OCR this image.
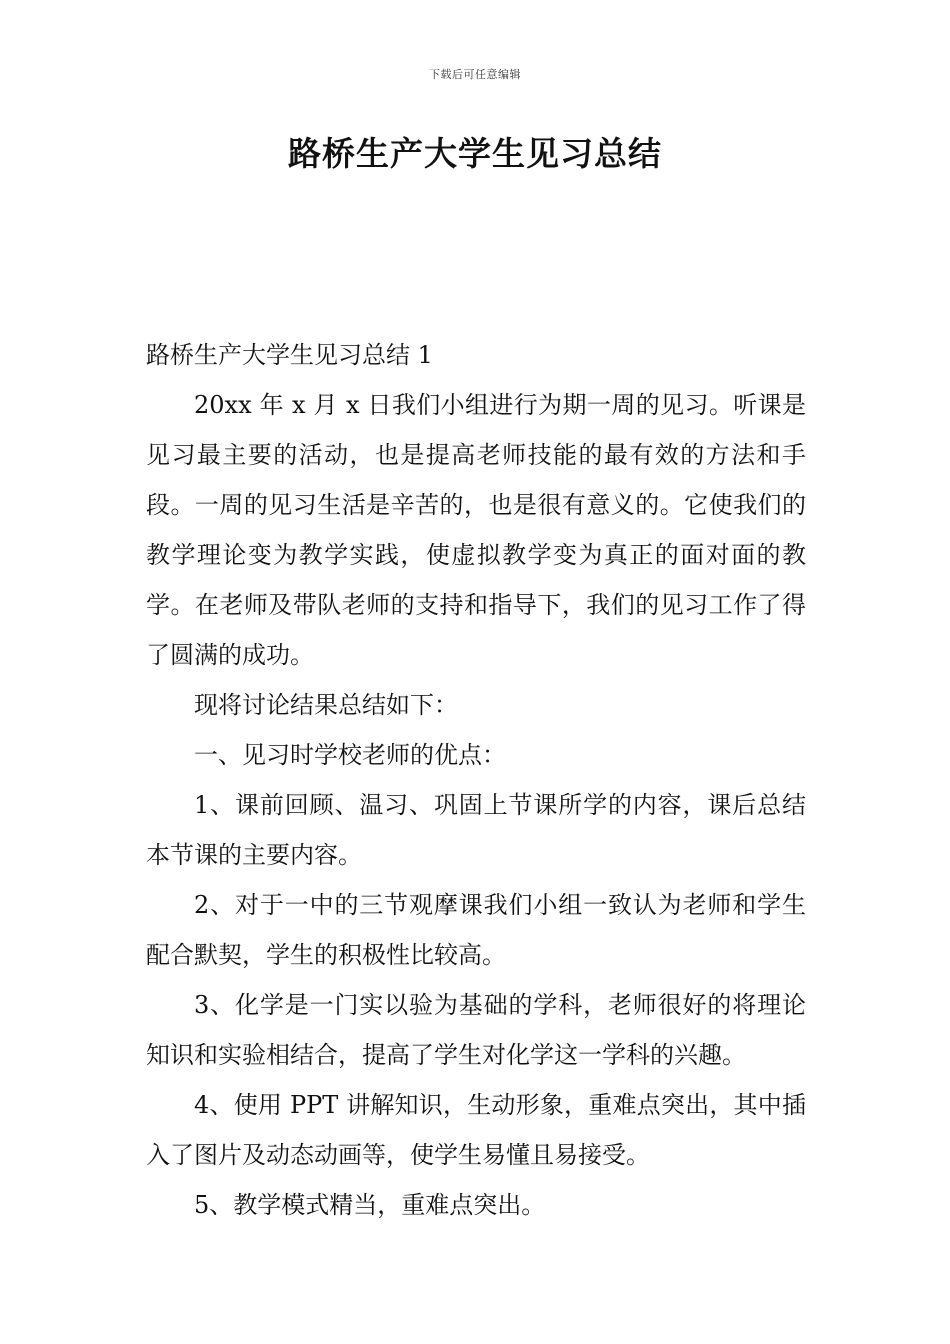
下载后可任意编辑
路桥生产大学生见习总结

路桥生产大学生见习总结 1

20xx 年 x 月 x 日我们小组进行为期一周的见习。听课是见习最主要的活动，也是提高老师技能的最有效的方法和手段。一周的见习生活是辛苦的，也是很有意义的。它使我们的教学理论变为教学实践，使虚拟教学变为真正的面对面的教学。在老师及带队老师的支持和指导下，我们的见习工作了得了圆满的成功。

现将讨论结果总结如下：

一、见习时学校老师的优点：

1、课前回顾、温习、巩固上节课所学的内容，课后总结本节课的主要内容。

2、对于一中的三节观摩课我们小组一致认为老师和学生配合默契，学生的积极性比较高。

3、化学是一门实以验为基础的学科，老师很好的将理论知识和实验相结合，提高了学生对化学这一学科的兴趣。

4、使用 PPT 讲解知识，生动形象，重难点突出，其中插入了图片及动态动画等，使学生易懂且易接受。

5、教学模式精当，重难点突出。
